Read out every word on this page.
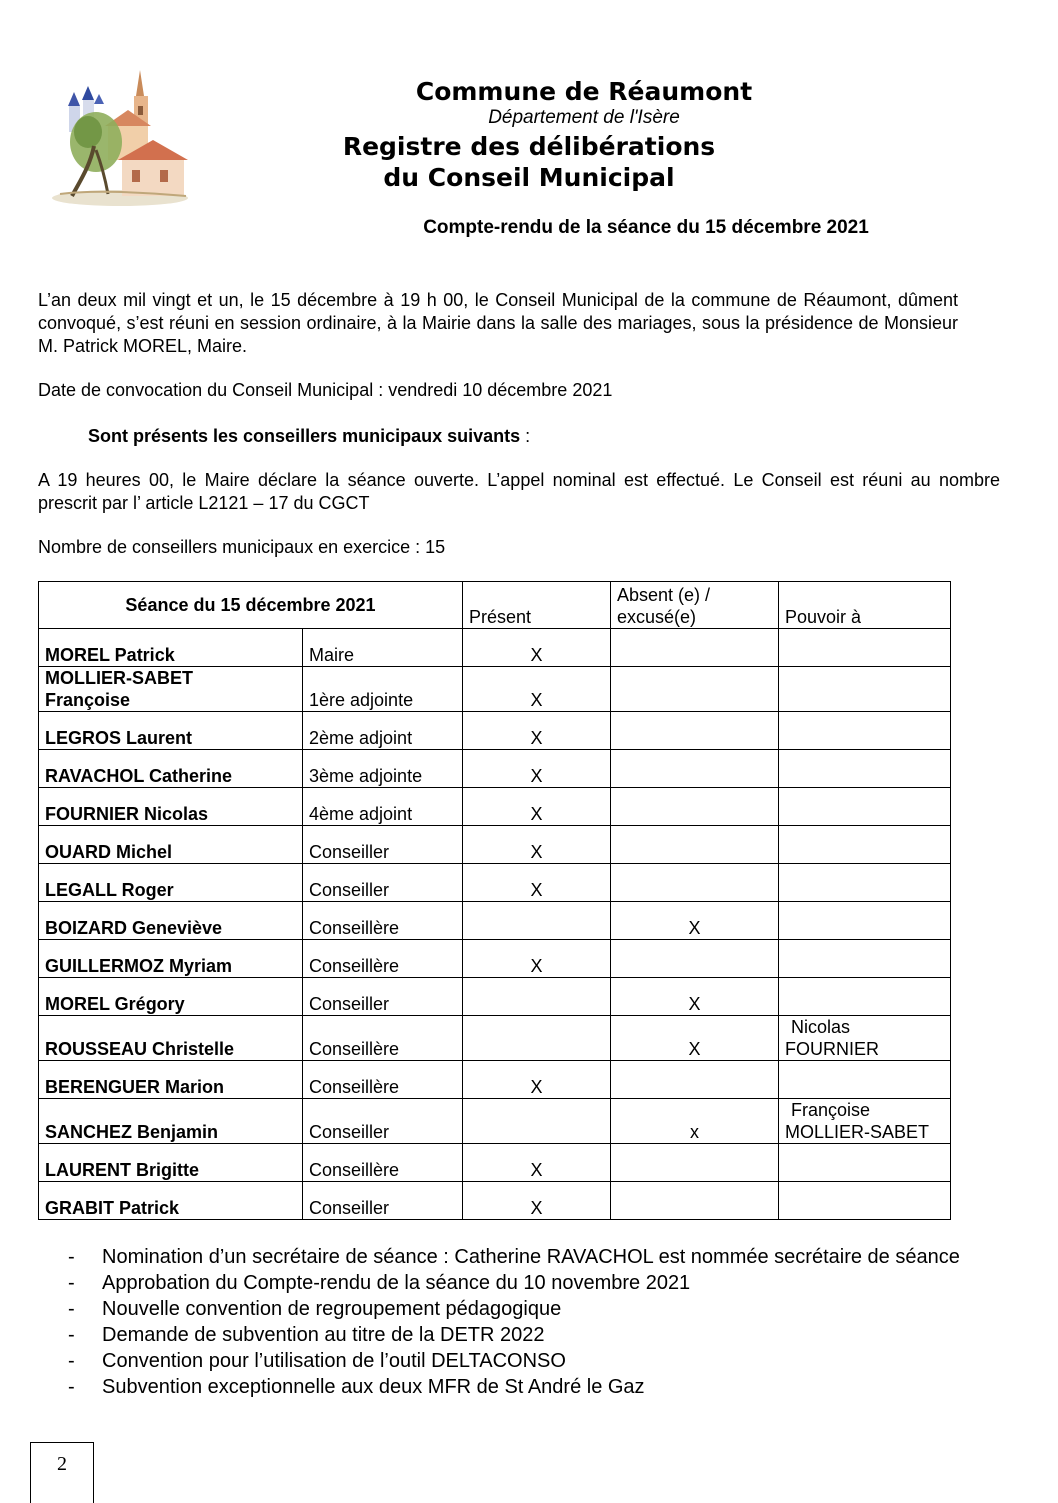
Commune de Réaumont
Département de l'Isère
Registre des délibérations
du Conseil Municipal
Compte-rendu de la séance du 15 décembre 2021
L’an deux mil vingt et un, le 15 décembre à 19 h 00, le Conseil Municipal de la commune de Réaumont, dûment convoqué, s’est réuni en session ordinaire, à la Mairie dans la salle des mariages, sous la présidence de Monsieur M. Patrick MOREL, Maire.
Date de convocation du Conseil Municipal : vendredi 10 décembre 2021
Sont présents les conseillers municipaux suivants :
A 19 heures 00, le Maire déclare la séance ouverte. L’appel nominal est effectué. Le Conseil est réuni au nombre prescrit par l’ article L2121 – 17 du CGCT
Nombre de conseillers municipaux en exercice : 15
Séance du 15 décembre 2021		Présent	Absent (e) /
excusé(e)	Pouvoir à
MOREL Patrick	Maire	X		

MOLLIER-SABET
Françoise	1ère adjointe	X		
LEGROS Laurent	2ème adjoint	X		
RAVACHOL Catherine	3ème adjointe	X		
FOURNIER Nicolas	4ème adjoint	X		
OUARD Michel	Conseiller	X		
LEGALL Roger	Conseiller	X		
BOIZARD Geneviève	Conseillère		X	
GUILLERMOZ Myriam	Conseillère	X		
MOREL Grégory	Conseiller		X	
ROUSSEAU Christelle	Conseillère		X	Nicolas
FOURNIER

BERENGUER Marion	Conseillère	X		
SANCHEZ Benjamin	Conseiller		x	Françoise
MOLLIER-SABET

LAURENT Brigitte	Conseillère	X		
GRABIT Patrick	Conseiller	X		
- Nomination d’un secrétaire de séance : Catherine RAVACHOL est nommée secrétaire de séance
- Approbation du Compte-rendu de la séance du 10 novembre 2021
- Nouvelle convention de regroupement pédagogique
- Demande de subvention au titre de la DETR 2022
- Convention pour l’utilisation de l’outil DELTACONSO
- Subvention exceptionnelle aux deux MFR de St André le Gaz
2
